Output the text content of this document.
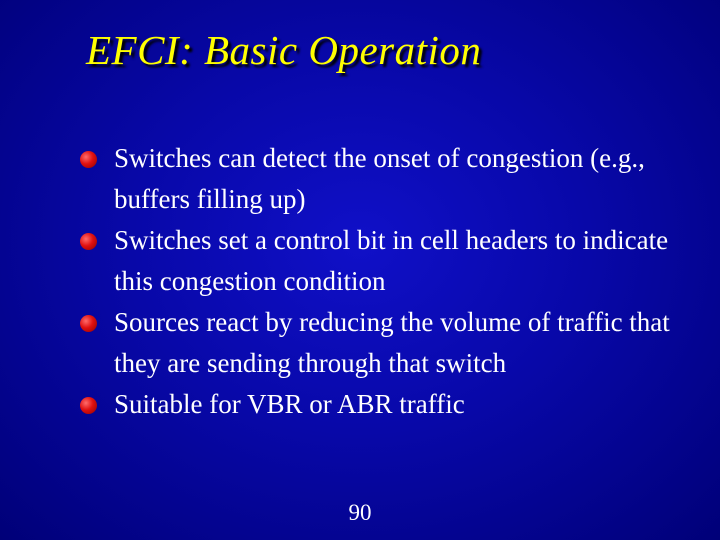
EFCI: Basic Operation
Switches can detect the onset of congestion (e.g., buffers filling up)
Switches set a control bit in cell headers to indicate this congestion condition
Sources react by reducing the volume of traffic that they are sending through that switch
Suitable for VBR or ABR traffic
90
